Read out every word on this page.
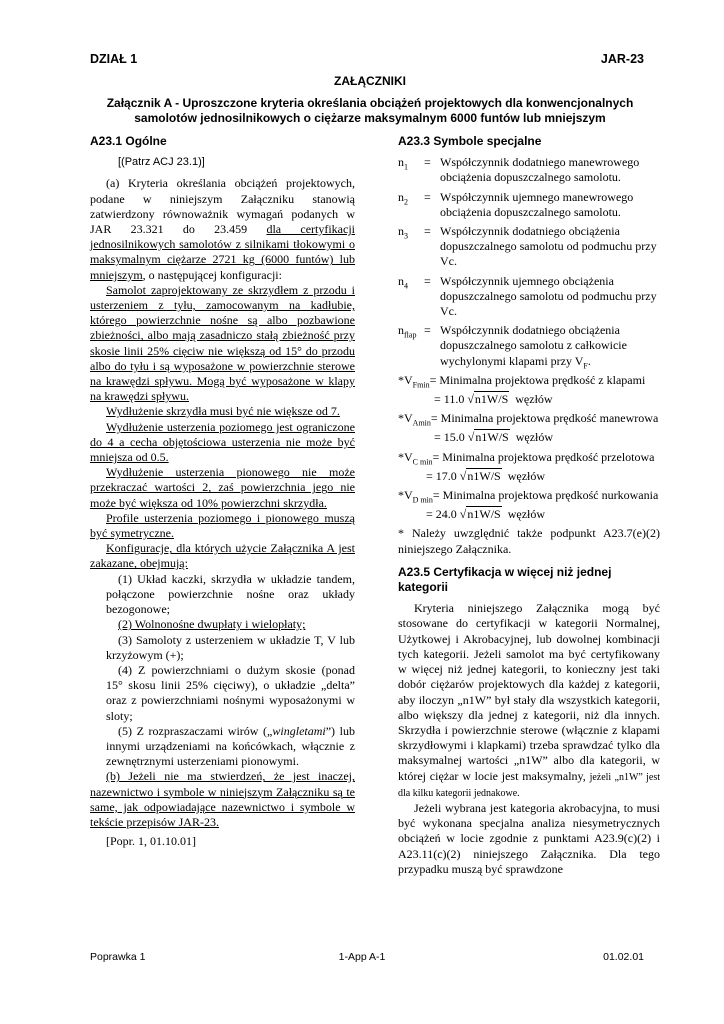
DZIAŁ 1	JAR-23
ZAŁĄCZNIKI
Załącznik A - Uproszczone kryteria określania obciążeń projektowych dla konwencjonalnych samolotów jednosilnikowych o ciężarze maksymalnym 6000 funtów lub mniejszym
A23.1 Ogólne
[(Patrz ACJ 23.1)]

(a) Kryteria określania obciążeń projektowych, podane w niniejszym Załączniku stanowią zatwierdzony równoważnik wymagań podanych w JAR 23.321 do 23.459 dla certyfikacji jednosilnikowych samolotów z silnikami tłokowymi o maksymalnym ciężarze 2721 kg (6000 funtów) lub mniejszym, o następującej konfiguracji:

Samolot zaprojektowany ze skrzydłem z przodu i usterzeniem z tyłu, zamocowanym na kadłubie, którego powierzchnie nośne są albo pozbawione zbieżności, albo mają zasadniczo stałą zbieżność przy skosie linii 25% cięciw nie większą od 15° do przodu albo do tyłu i są wyposażone w powierzchnie sterowe na krawędzi spływu. Mogą być wyposażone w klapy na krawędzi spływu.

Wydłużenie skrzydła musi być nie większe od 7.

Wydłużenie usterzenia poziomego jest ograniczone do 4 a cecha objętościowa usterzenia nie może być mniejsza od 0.5.

Wydłużenie usterzenia pionowego nie może przekraczać wartości 2, zaś powierzchnia jego nie może być większa od 10% powierzchni skrzydła.

Profile usterzenia poziomego i pionowego muszą być symetryczne.

Konfiguracje, dla których użycie Załącznika A jest zakazane, obejmują:

(1) Układ kaczki, skrzydła w układzie tandem, połączone powierzchnie nośne oraz układy bezogonowe;

(2) Wolnonośne dwupłaty i wielopłaty;

(3) Samoloty z usterzeniem w układzie T, V lub krzyżowym (+);

(4) Z powierzchniami o dużym skosie (ponad 15° skosu linii 25% cięciwy), o układzie „delta” oraz z powierzchniami nośnymi wyposażonymi w sloty;

(5) Z rozpraszaczami wirów („wingletami”) lub innymi urządzeniami na końcówkach, włącznie z zewnętrznymi usterzeniami pionowymi.

(b) Jeżeli nie ma stwierdzeń, że jest inaczej, nazewnictwo i symbole w niniejszym Załączniku są te same, jak odpowiadające nazewnictwo i symbole w tekście przepisów JAR-23.

[Popr. 1, 01.10.01]

A23.3 Symbole specjalne
$n_1$ = Współczynnik dodatniego manewrowego obciążenia dopuszczalnego samolotu.
$n_2$ = Współczynnik ujemnego manewrowego obciążenia dopuszczalnego samolotu.
$n_3$ = Współczynnik dodatniego obciążenia dopuszczalnego samolotu od podmuchu przy Vc.
$n_4$ = Współczynnik ujemnego obciążenia dopuszczalnego samolotu od podmuchu przy Vc.
$n_{flap}$ = Współczynnik dodatniego obciążenia dopuszczalnego samolotu z całkowicie wychylonymi klapami przy $V_F$.
$*V_{Fmin}=$ Minimalna projektowa prędkość z klapami
= 11.0 √n1W/S węzłów
$*V_{Amin}=$ Minimalna projektowa prędkość manewrowa
= 15.0 √n1W/S węzłów
$*V_{C min}=$ Minimalna projektowa prędkość przelotowa
= 17.0 √n1W/S węzłów
$*V_{D min}=$ Minimalna projektowa prędkość nurkowania
= 24.0 √n1W/S węzłów

* Należy uwzględnić także podpunkt A23.7(e)(2) niniejszego Załącznika.

A23.5 Certyfikacja w więcej niż jednej kategorii

Kryteria niniejszego Załącznika mogą być stosowane do certyfikacji w kategorii Normalnej, Użytkowej i Akrobacyjnej, lub dowolnej kombinacji tych kategorii. Jeżeli samolot ma być certyfikowany w więcej niż jednej kategorii, to konieczny jest taki dobór ciężarów projektowych dla każdej z kategorii, aby iloczyn „n1W” był stały dla wszystkich kategorii, albo większy dla jednej z kategorii, niż dla innych. Skrzydła i powierzchnie sterowe (włącznie z klapami skrzydłowymi i klapkami) trzeba sprawdzać tylko dla maksymalnej wartości „n1W” albo dla kategorii, w której ciężar w locie jest maksymalny, jeżeli „n1W” jest dla kilku kategorii jednakowe.

Jeżeli wybrana jest kategoria akrobacyjna, to musi być wykonana specjalna analiza niesymetrycznych obciążeń w locie zgodnie z punktami A23.9(c)(2) i A23.11(c)(2) niniejszego Załącznika. Dla tego przypadku muszą być sprawdzone

Poprawka 1	1-App A-1	01.02.01
